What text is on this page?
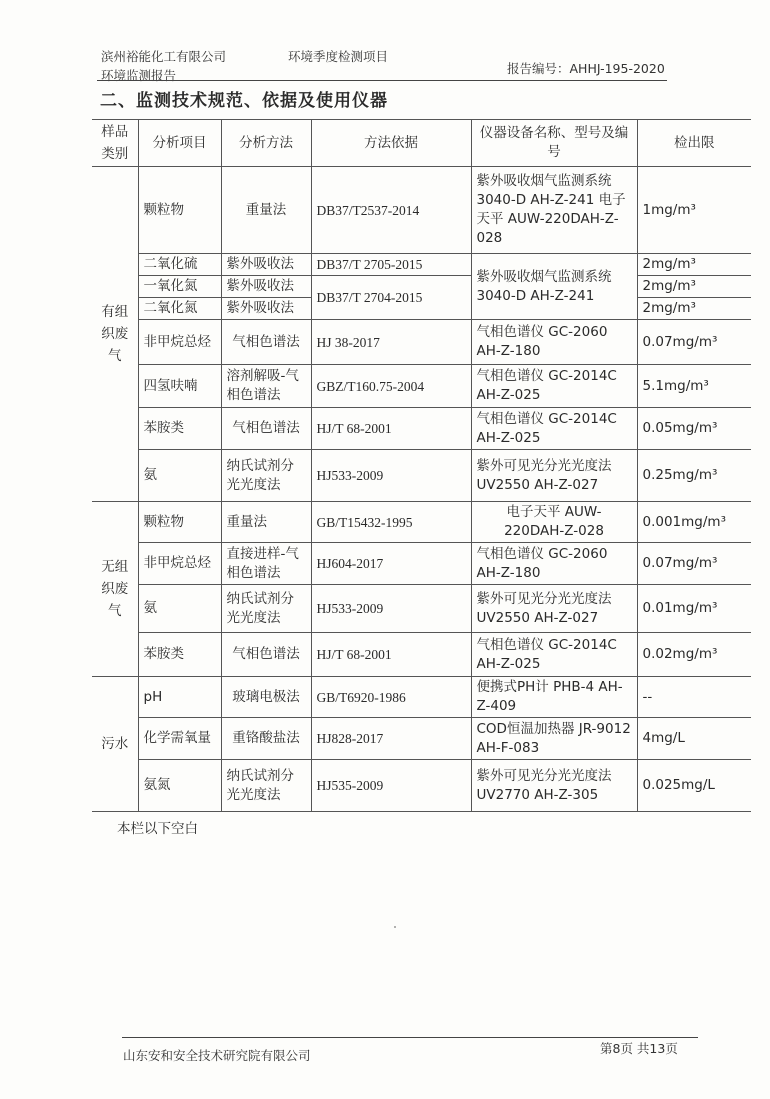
滨州裕能化工有限公司	环境季度检测项目
环境监测报告	报告编号：AHHJ-195-2020
二、监测技术规范、依据及使用仪器
样品类别	分析项目	分析方法	方法依据	仪器设备名称、型号及编号	检出限
有组织废气	颗粒物	重量法	DB37/T2537-2014	紫外吸收烟气监测系统 3040-D AH-Z-241 电子天平 AUW-220DAH-Z-028	1mg/m³
	二氧化硫	紫外吸收法	DB37/T 2705-2015	紫外吸收烟气监测系统 3040-D AH-Z-241	2mg/m³
	一氧化氮	紫外吸收法	DB37/T 2704-2015		2mg/m³
	二氧化氮	紫外吸收法			2mg/m³
	非甲烷总烃	气相色谱法	HJ 38-2017	气相色谱仪 GC-2060 AH-Z-180	0.07mg/m³
	四氢呋喃	溶剂解吸-气相色谱法	GBZ/T160.75-2004	气相色谱仪 GC-2014C AH-Z-025	5.1mg/m³
	苯胺类	气相色谱法	HJ/T 68-2001	气相色谱仪 GC-2014C AH-Z-025	0.05mg/m³
	氨	纳氏试剂分光光度法	HJ533-2009	紫外可见光分光光度法 UV2550 AH-Z-027	0.25mg/m³
无组织废气	颗粒物	重量法	GB/T15432-1995	电子天平 AUW-220DAH-Z-028	0.001mg/m³
	非甲烷总烃	直接进样-气相色谱法	HJ604-2017	气相色谱仪 GC-2060 AH-Z-180	0.07mg/m³
	氨	纳氏试剂分光光度法	HJ533-2009	紫外可见光分光光度法 UV2550 AH-Z-027	0.01mg/m³
	苯胺类	气相色谱法	HJ/T 68-2001	气相色谱仪 GC-2014C AH-Z-025	0.02mg/m³
污水	pH	玻璃电极法	GB/T6920-1986	便携式PH计 PHB-4 AH-Z-409	--
	化学需氧量	重铬酸盐法	HJ828-2017	COD恒温加热器 JR-9012 AH-F-083	4mg/L
	氨氮	纳氏试剂分光光度法	HJ535-2009	紫外可见光分光光度法 UV2770 AH-Z-305	0.025mg/L
本栏以下空白
山东安和安全技术研究院有限公司	第8页 共13页
